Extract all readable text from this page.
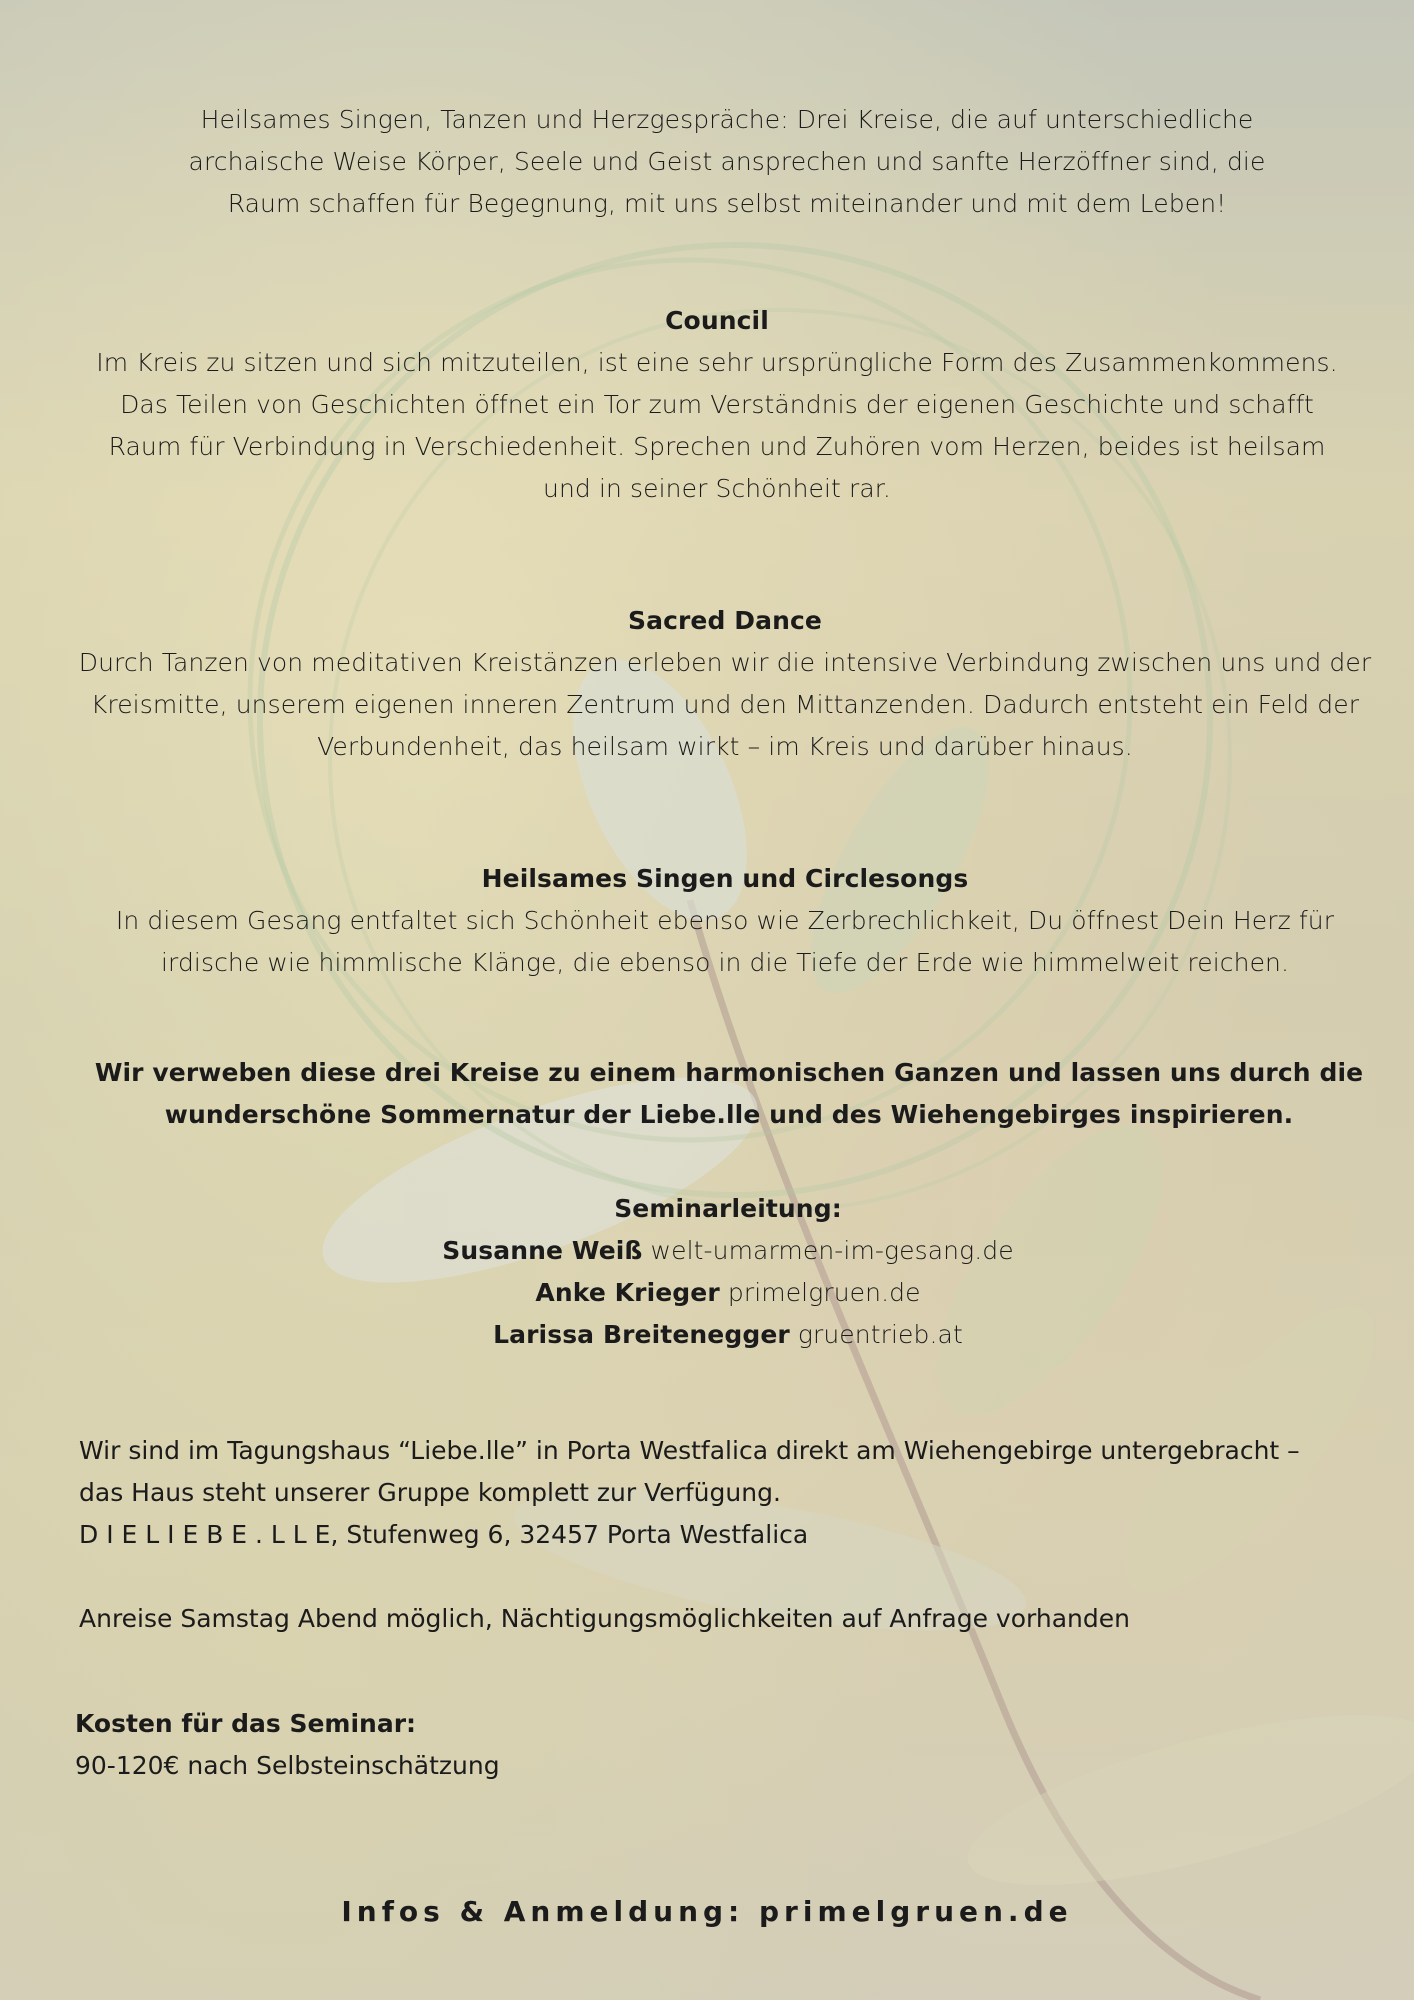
Heilsames Singen, Tanzen und Herzgespräche: Drei Kreise, die auf unterschiedliche
archaische Weise Körper, Seele und Geist ansprechen und sanfte Herzöffner sind, die
Raum schaffen für Begegnung, mit uns selbst miteinander und mit dem Leben!
Council
Im Kreis zu sitzen und sich mitzuteilen, ist eine sehr ursprüngliche Form des Zusammenkommens.
Das Teilen von Geschichten öffnet ein Tor zum Verständnis der eigenen Geschichte und schafft
Raum für Verbindung in Verschiedenheit. Sprechen und Zuhören vom Herzen, beides ist heilsam
und in seiner Schönheit rar.
Sacred Dance
Durch Tanzen von meditativen Kreistänzen erleben wir die intensive Verbindung zwischen uns und der
Kreismitte, unserem eigenen inneren Zentrum und den Mittanzenden. Dadurch entsteht ein Feld der
Verbundenheit, das heilsam wirkt – im Kreis und darüber hinaus.
Heilsames Singen und Circlesongs
In diesem Gesang entfaltet sich Schönheit ebenso wie Zerbrechlichkeit, Du öffnest Dein Herz für
irdische wie himmlische Klänge, die ebenso in die Tiefe der Erde wie himmelweit reichen.
Wir verweben diese drei Kreise zu einem harmonischen Ganzen und lassen uns durch die
wunderschöne Sommernatur der Liebe.lle und des Wiehengebirges inspirieren.
Seminarleitung:
Susanne Weiß welt-umarmen-im-gesang.de
Anke Krieger primelgruen.de
Larissa Breitenegger gruentrieb.at
Wir sind im Tagungshaus “Liebe.lle” in Porta Westfalica direkt am Wiehengebirge untergebracht –
das Haus steht unserer Gruppe komplett zur Verfügung.
D I E L I E B E . L L E, Stufenweg 6, 32457 Porta Westfalica
Anreise Samstag Abend möglich, Nächtigungsmöglichkeiten auf Anfrage vorhanden
Kosten für das Seminar:
90-120€ nach Selbsteinschätzung
Infos & Anmeldung: primelgruen.de
